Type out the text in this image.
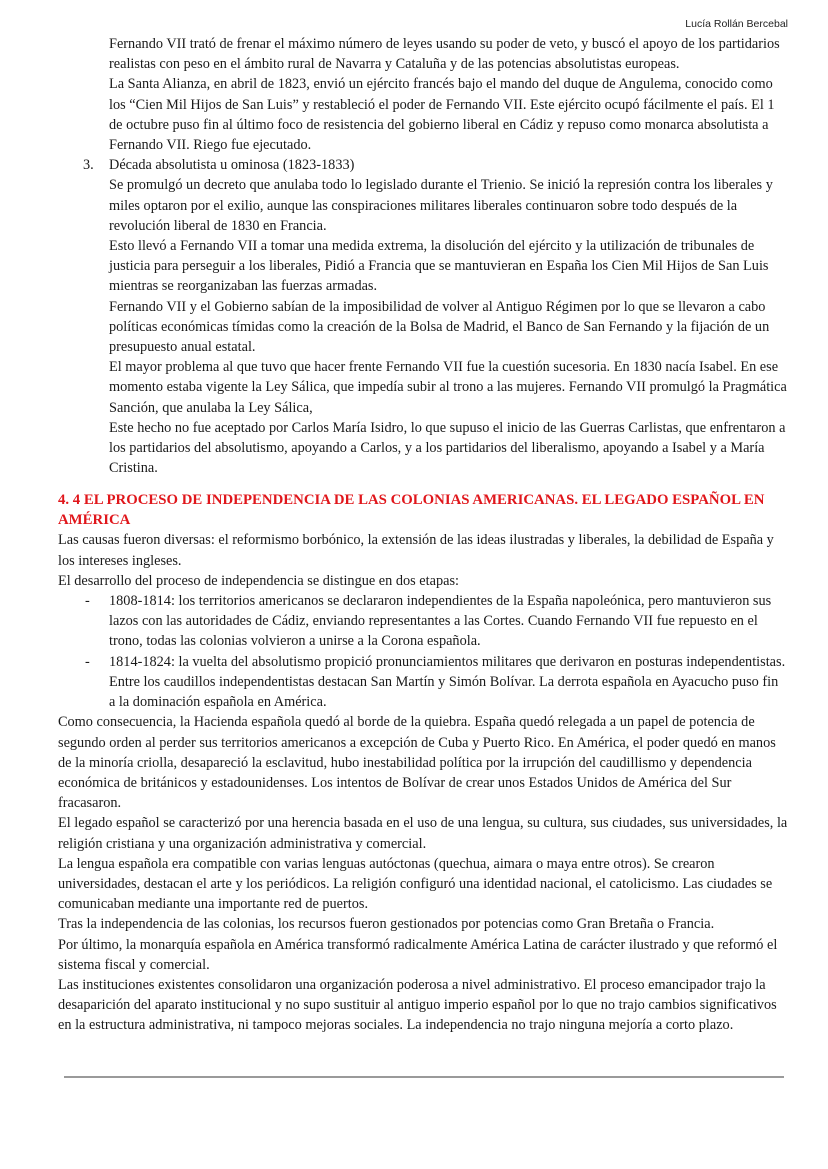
Lucía Rollán Bercebal

Fernando VII trató de frenar el máximo número de leyes usando su poder de veto, y buscó el apoyo de los partidarios realistas con peso en el ámbito rural de Navarra y Cataluña y de las potencias absolutistas europeas.

La Santa Alianza, en abril de 1823, envió un ejército francés bajo el mando del duque de Angulema, conocido como los “Cien Mil Hijos de San Luis” y restableció el poder de Fernando VII. Este ejército ocupó fácilmente el país. El 1 de octubre puso fin al último foco de resistencia del gobierno liberal en Cádiz y repuso como monarca absolutista a Fernando VII. Riego fue ejecutado.

3. Década absolutista u ominosa (1823-1833)

Se promulgó un decreto que anulaba todo lo legislado durante el Trienio. Se inició la represión contra los liberales y miles optaron por el exilio, aunque las conspiraciones militares liberales continuaron sobre todo después de la revolución liberal de 1830 en Francia.

Esto llevó a Fernando VII a tomar una medida extrema, la disolución del ejército y la utilización de tribunales de justicia para perseguir a los liberales, Pidió a Francia que se mantuvieran en España los Cien Mil Hijos de San Luis mientras se reorganizaban las fuerzas armadas.

Fernando VII y el Gobierno sabían de la imposibilidad de volver al Antiguo Régimen por lo que se llevaron a cabo políticas económicas tímidas como la creación de la Bolsa de Madrid, el Banco de San Fernando y la fijación de un presupuesto anual estatal.

El mayor problema al que tuvo que hacer frente Fernando VII fue la cuestión sucesoria. En 1830 nacía Isabel. En ese momento estaba vigente la Ley Sálica, que impedía subir al trono a las mujeres. Fernando VII promulgó la Pragmática Sanción, que anulaba la Ley Sálica,

Este hecho no fue aceptado por Carlos María Isidro, lo que supuso el inicio de las Guerras Carlistas, que enfrentaron a los partidarios del absolutismo, apoyando a Carlos, y a los partidarios del liberalismo, apoyando a Isabel y a María Cristina.

4. 4 EL PROCESO DE INDEPENDENCIA DE LAS COLONIAS AMERICANAS. EL LEGADO ESPAÑOL EN AMÉRICA

Las causas fueron diversas: el reformismo borbónico, la extensión de las ideas ilustradas y liberales, la debilidad de España y los intereses ingleses.

El desarrollo del proceso de independencia se distingue en dos etapas:

- 1808-1814: los territorios americanos se declararon independientes de la España napoleónica, pero mantuvieron sus lazos con las autoridades de Cádiz, enviando representantes a las Cortes. Cuando Fernando VII fue repuesto en el trono, todas las colonias volvieron a unirse a la Corona española.

- 1814-1824: la vuelta del absolutismo propició pronunciamientos militares que derivaron en posturas independentistas. Entre los caudillos independentistas destacan San Martín y Simón Bolívar. La derrota española en Ayacucho puso fin a la dominación española en América.

Como consecuencia, la Hacienda española quedó al borde de la quiebra. España quedó relegada a un papel de potencia de segundo orden al perder sus territorios americanos a excepción de Cuba y Puerto Rico. En América, el poder quedó en manos de la minoría criolla, desapareció la esclavitud, hubo inestabilidad política por la irrupción del caudillismo y dependencia económica de británicos y estadounidenses. Los intentos de Bolívar de crear unos Estados Unidos de América del Sur fracasaron.

El legado español se caracterizó por una herencia basada en el uso de una lengua, su cultura, sus ciudades, sus universidades, la religión cristiana y una organización administrativa y comercial.

La lengua española era compatible con varias lenguas autóctonas (quechua, aimara o maya entre otros). Se crearon universidades, destacan el arte y los periódicos. La religión configuró una identidad nacional, el catolicismo. Las ciudades se comunicaban mediante una importante red de puertos.

Tras la independencia de las colonias, los recursos fueron gestionados por potencias como Gran Bretaña o Francia.

Por último, la monarquía española en América transformó radicalmente América Latina de carácter ilustrado y que reformó el sistema fiscal y comercial.

Las instituciones existentes consolidaron una organización poderosa a nivel administrativo. El proceso emancipador trajo la desaparición del aparato institucional y no supo sustituir al antiguo imperio español por lo que no trajo cambios significativos en la estructura administrativa, ni tampoco mejoras sociales. La independencia no trajo ninguna mejoría a corto plazo.
